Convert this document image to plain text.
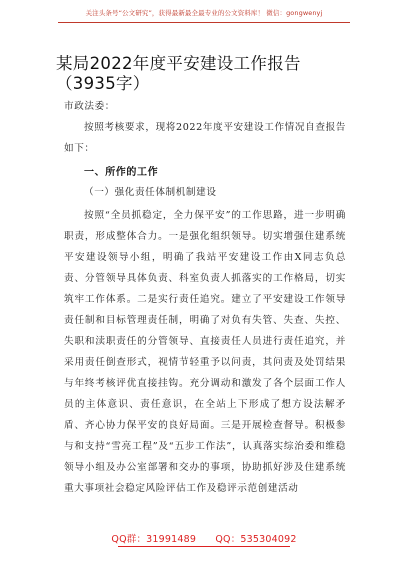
关注头条号“公文研究”，获得最新最全最专业的公文资料库！ 微信：gongwenyj
某局2022年度平安建设工作报告（3935字）
市政法委：
按照考核要求，现将2022年度平安建设工作情况自查报告如下：
一、所作的工作
（一）强化责任体制机制建设
按照“全员抓稳定，全力保平安”的工作思路，进一步明确职责，形成整体合力。一是强化组织领导。切实增强住建系统平安建设领导小组，明确了我站平安建设工作由X同志负总责、分管领导具体负责、科室负责人抓落实的工作格局，切实筑牢工作体系。二是实行责任追究。建立了平安建设工作领导责任制和目标管理责任制，明确了对负有失管、失查、失控、失职和渎职责任的分管领导、直接责任人员进行责任追究，并采用责任倒查形式，视情节轻重予以问责，其问责及处罚结果与年终考核评优直接挂钩。充分调动和激发了各个层面工作人员的主体意识、责任意识，在全站上下形成了想方设法解矛盾、齐心协力保平安的良好局面。三是开展检查督导。积极参与和支持“雪亮工程”及“五步工作法”，认真落实综治委和维稳领导小组及办公室部署和交办的事项，协助抓好涉及住建系统重大事项社会稳定风险评估工作及稳评示范创建活动
QQ群：31991489 QQ：535304092
